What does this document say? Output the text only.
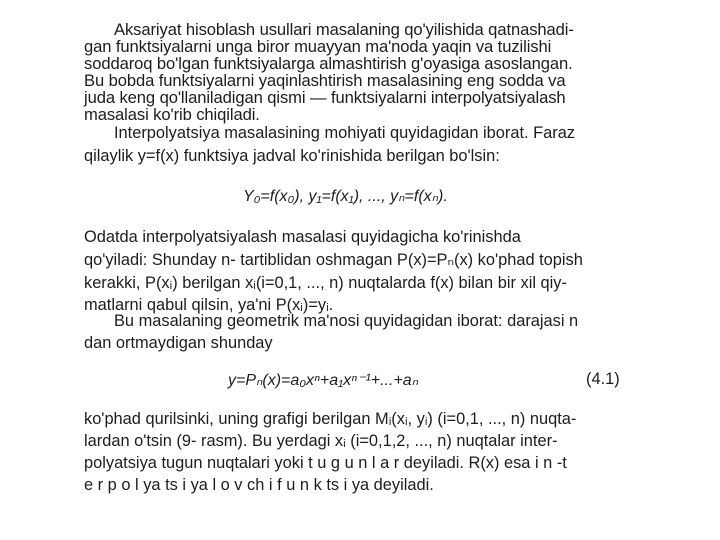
Aksariyat hisoblash usullari masalaning qo'yilishida qatnashadi-
gan funktsiyalarni unga biror muayyan ma'noda yaqin va tuzilishi
soddaroq bo'lgan funktsiyalarga almashtirish g'oyasiga asoslangan.
Bu bobda funktsiyalarni yaqinlashtirish masalasining eng sodda va
juda keng qo'llaniladigan qismi — funktsiyalarni interpolyatsiyalash
masalasi ko'rib chiqiladi.
Interpolyatsiya masalasining mohiyati quyidagidan iborat. Faraz
qilaylik y=f(x) funktsiya jadval ko'rinishida berilgan bo'lsin:
Y₀=f(x₀), y₁=f(x₁), ..., yₙ=f(xₙ).
Odatda interpolyatsiyalash masalasi quyidagicha ko'rinishda
qo'yiladi: Shunday n- tartiblidan oshmagan P(x)=Pₙ(x) ko'phad topish
kerakki, P(xᵢ) berilgan xᵢ(i=0,1, ..., n) nuqtalarda f(x) bilan bir xil qiy-
matlarni qabul qilsin, ya'ni P(xᵢ)=yᵢ.
Bu masalaning geometrik ma'nosi quyidagidan iborat: darajasi n
dan ortmaydigan shunday
y=Pₙ(x)=a₀xⁿ+a₁xⁿ⁻¹+...+aₙ	(4.1)
ko'phad qurilsinki, uning grafigi berilgan Mᵢ(xᵢ, yᵢ) (i=0,1, ..., n) nuqta-
lardan o'tsin (9- rasm). Bu yerdagi xᵢ (i=0,1,2, ..., n) nuqtalar inter-
polyatsiya tugun nuqtalari yoki t u g u n l a r deyiladi. R(x) esa i n -t
e r p o l ya ts i ya l o v ch i f u n k ts i ya deyiladi.
